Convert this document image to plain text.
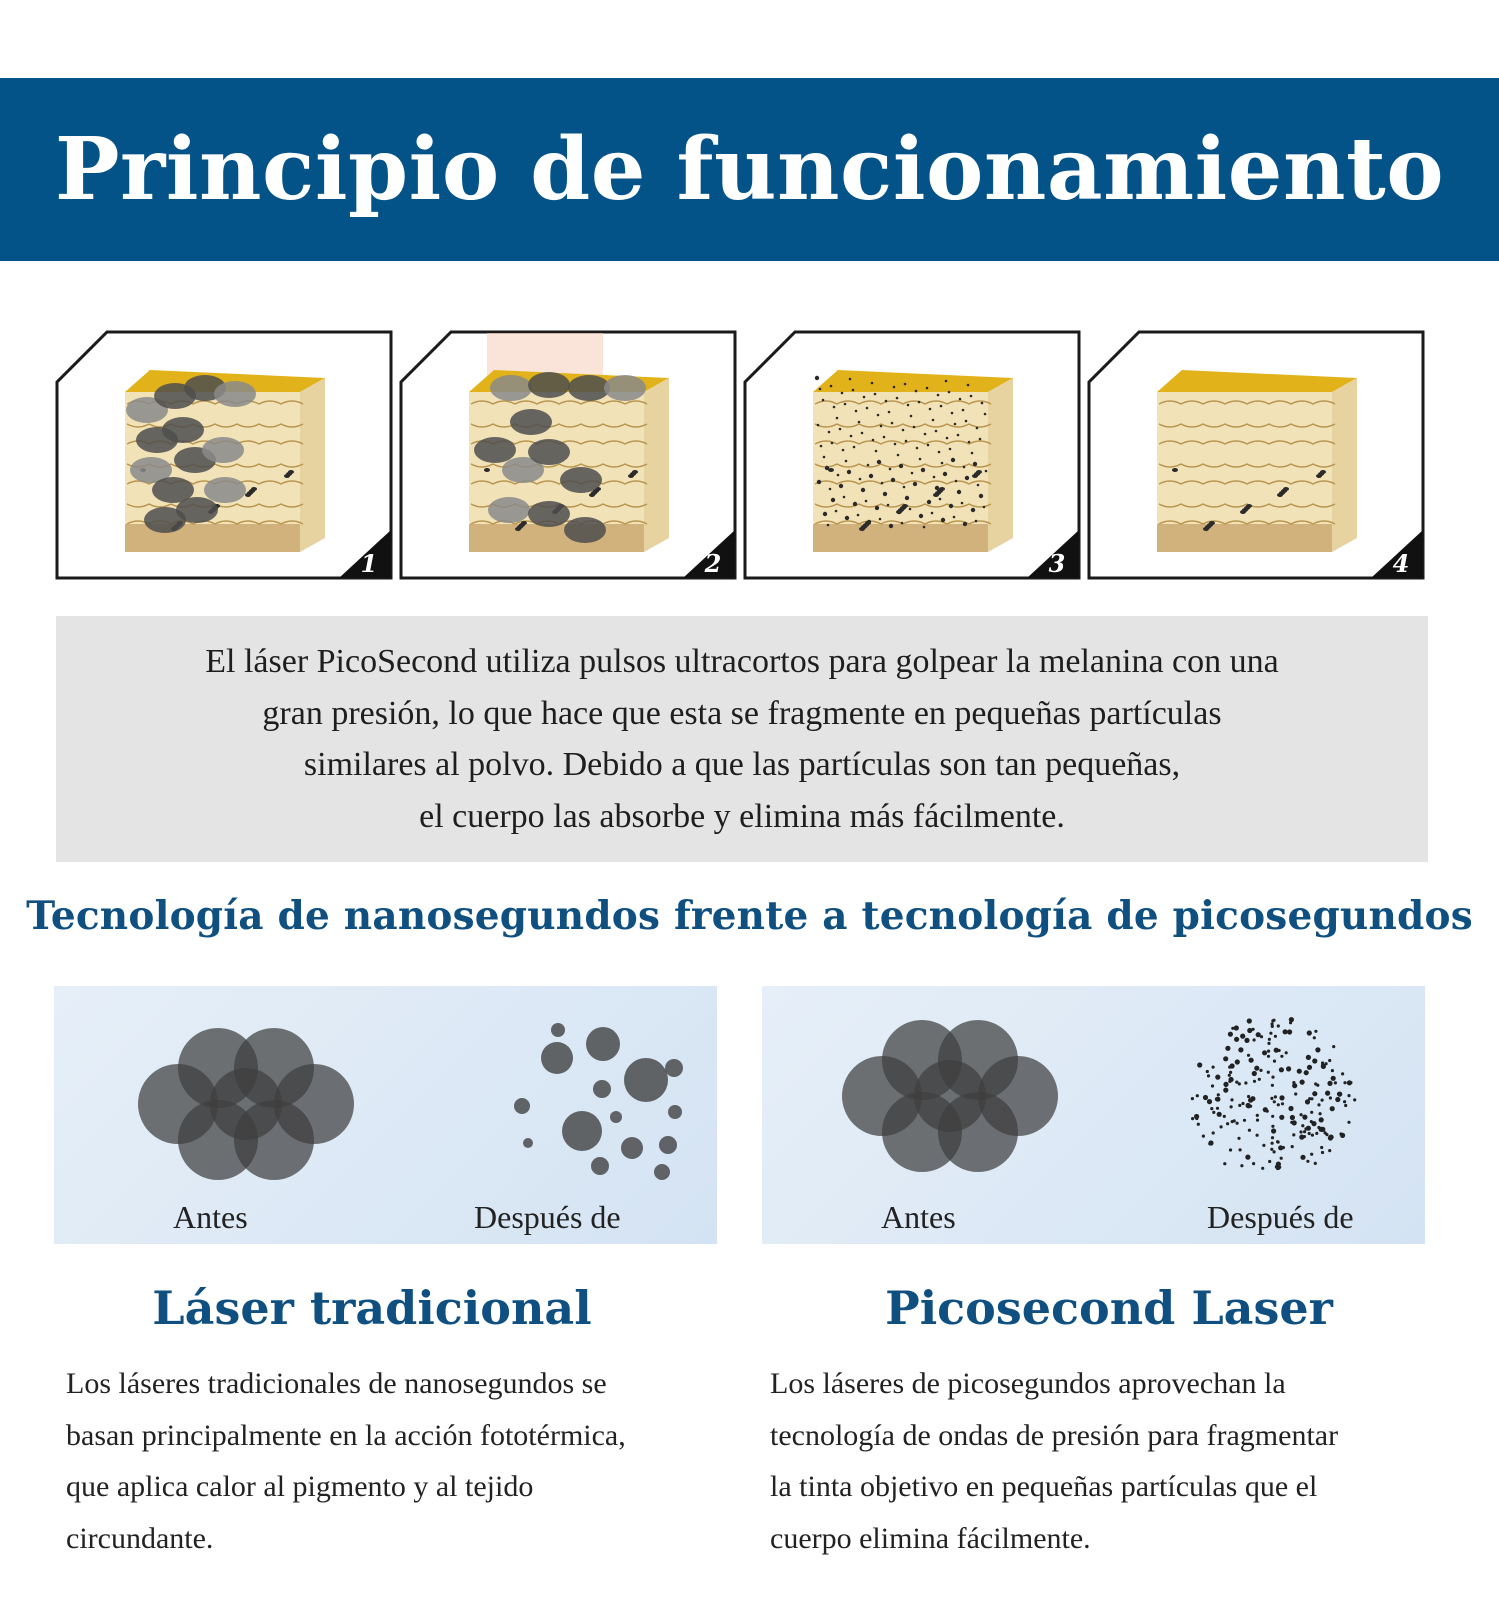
Principio de funcionamiento
1	2	3	4

El láser PicoSecond utiliza pulsos ultracortos para golpear la melanina con una

gran presión, lo que hace que esta se fragmente en pequeñas partículas

similares al polvo. Debido a que las partículas son tan pequeñas,

el cuerpo las absorbe y elimina más fácilmente.

Tecnología de nanosegundos frente a tecnología de picosegundos
Antes	Después de	Antes	Después de
Láser tradicional	Picosecond Laser

Los láseres tradicionales de nanosegundos se

basan principalmente en la acción fototérmica,

que aplica calor al pigmento y al tejido

circundante.

Los láseres de picosegundos aprovechan la

tecnología de ondas de presión para fragmentar

la tinta objetivo en pequeñas partículas que el

cuerpo elimina fácilmente.
